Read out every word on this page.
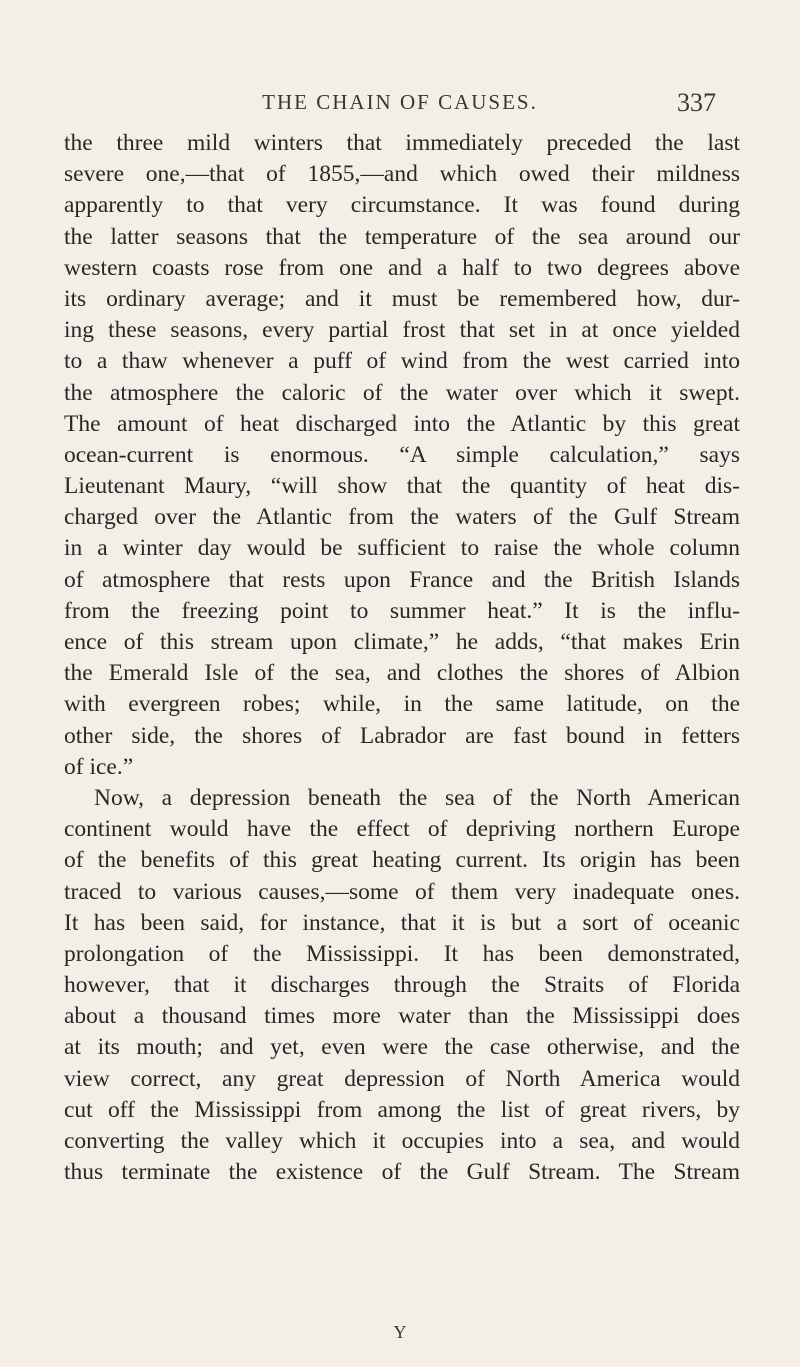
THE CHAIN OF CAUSES.	337
the three mild winters that immediately preceded the last
severe one,—that of 1855,—and which owed their mildness
apparently to that very circumstance. It was found during
the latter seasons that the temperature of the sea around our
western coasts rose from one and a half to two degrees above
its ordinary average; and it must be remembered how, dur-
ing these seasons, every partial frost that set in at once yielded
to a thaw whenever a puff of wind from the west carried into
the atmosphere the caloric of the water over which it swept.
The amount of heat discharged into the Atlantic by this great
ocean-current is enormous. “A simple calculation,” says
Lieutenant Maury, “will show that the quantity of heat dis-
charged over the Atlantic from the waters of the Gulf Stream
in a winter day would be sufficient to raise the whole column
of atmosphere that rests upon France and the British Islands
from the freezing point to summer heat.” It is the influ-
ence of this stream upon climate,” he adds, “that makes Erin
the Emerald Isle of the sea, and clothes the shores of Albion
with evergreen robes; while, in the same latitude, on the
other side, the shores of Labrador are fast bound in fetters
of ice.”
Now, a depression beneath the sea of the North American
continent would have the effect of depriving northern Europe
of the benefits of this great heating current. Its origin has been
traced to various causes,—some of them very inadequate ones.
It has been said, for instance, that it is but a sort of oceanic
prolongation of the Mississippi. It has been demonstrated,
however, that it discharges through the Straits of Florida
about a thousand times more water than the Mississippi does
at its mouth; and yet, even were the case otherwise, and the
view correct, any great depression of North America would
cut off the Mississippi from among the list of great rivers, by
converting the valley which it occupies into a sea, and would
thus terminate the existence of the Gulf Stream. The Stream
Y
